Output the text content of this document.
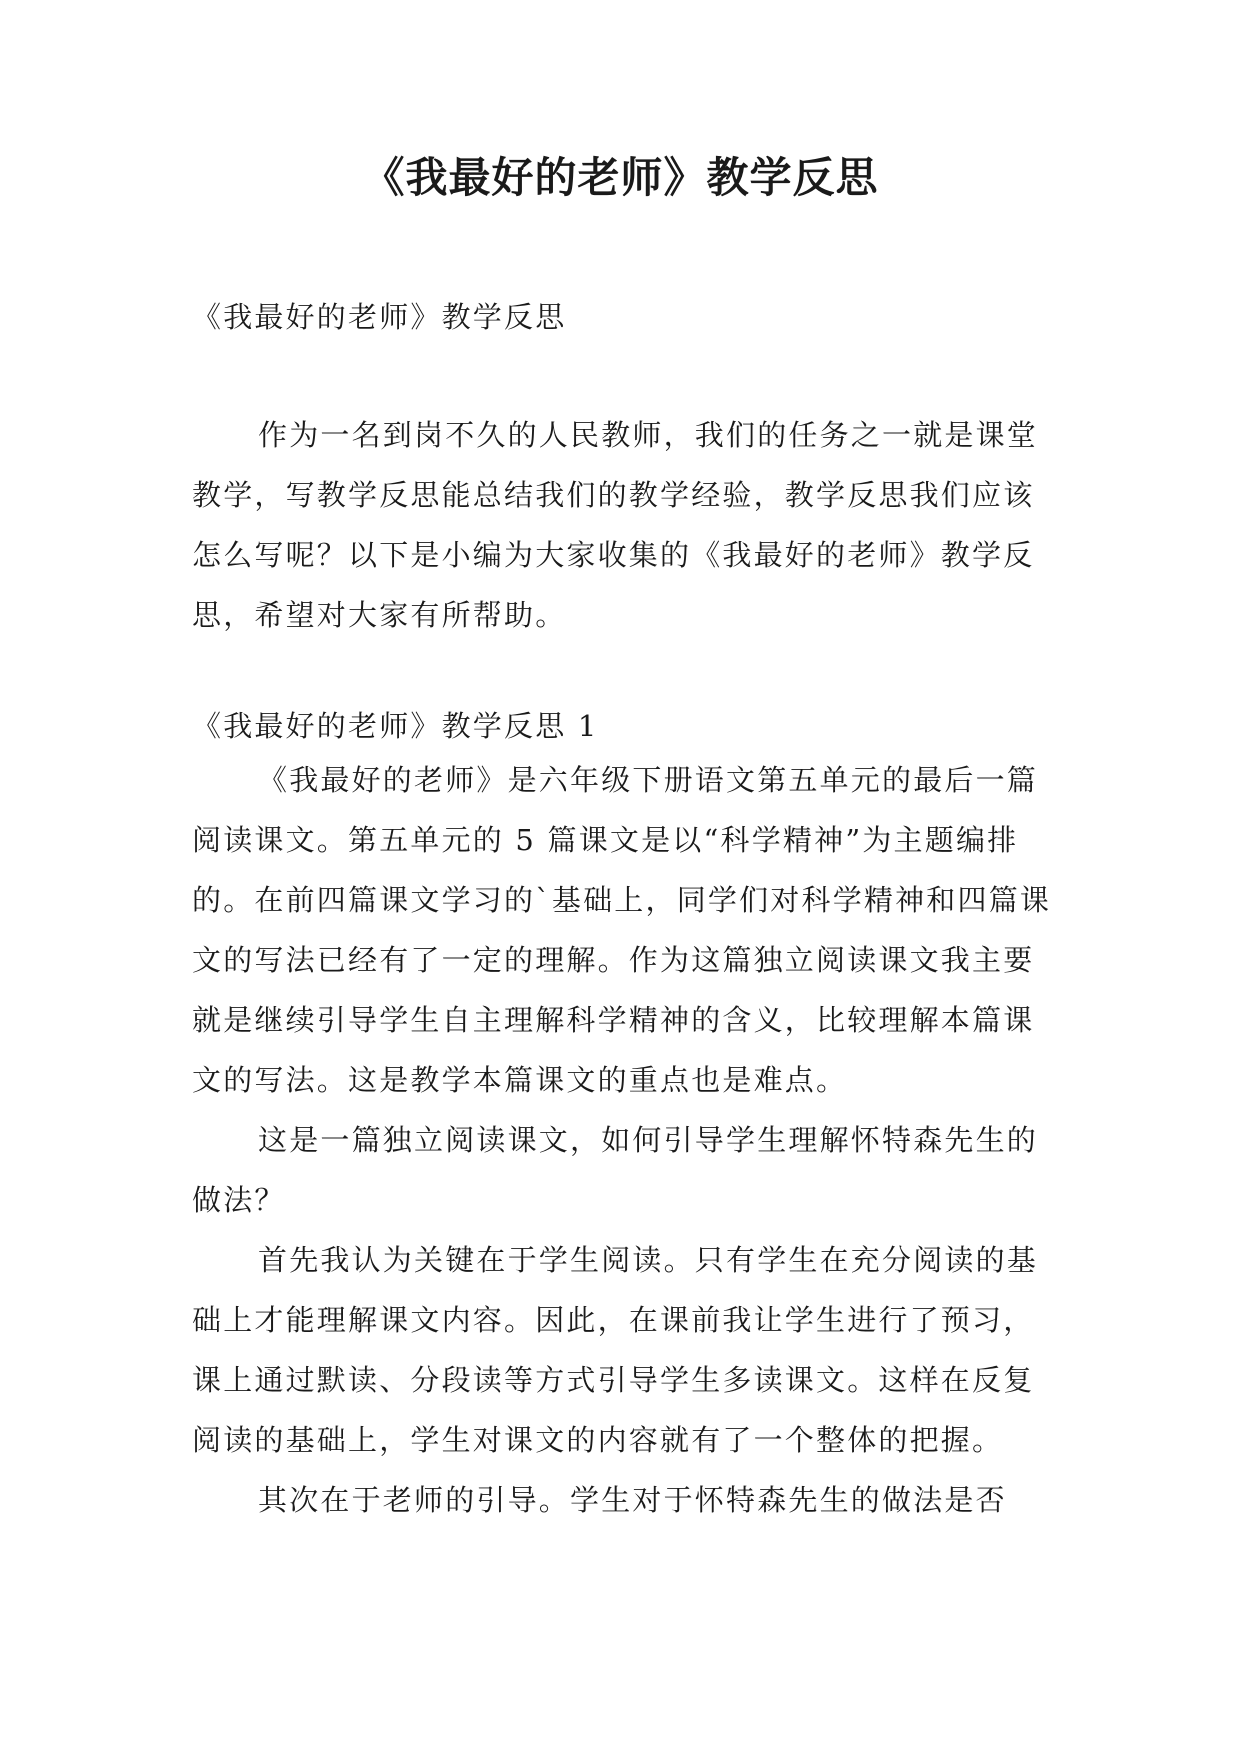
《我最好的老师》教学反思
《我最好的老师》教学反思

作为一名到岗不久的人民教师，我们的任务之一就是课堂教学，写教学反思能总结我们的教学经验，教学反思我们应该怎么写呢？以下是小编为大家收集的《我最好的老师》教学反思，希望对大家有所帮助。

《我最好的老师》教学反思 1

《我最好的老师》是六年级下册语文第五单元的最后一篇阅读课文。第五单元的 5 篇课文是以“科学精神”为主题编排的。在前四篇课文学习的`基础上，同学们对科学精神和四篇课文的写法已经有了一定的理解。作为这篇独立阅读课文我主要就是继续引导学生自主理解科学精神的含义，比较理解本篇课文的写法。这是教学本篇课文的重点也是难点。

这是一篇独立阅读课文，如何引导学生理解怀特森先生的做法？

首先我认为关键在于学生阅读。只有学生在充分阅读的基础上才能理解课文内容。因此，在课前我让学生进行了预习，课上通过默读、分段读等方式引导学生多读课文。这样在反复阅读的基础上，学生对课文的内容就有了一个整体的把握。

其次在于老师的引导。学生对于怀特森先生的做法是否
